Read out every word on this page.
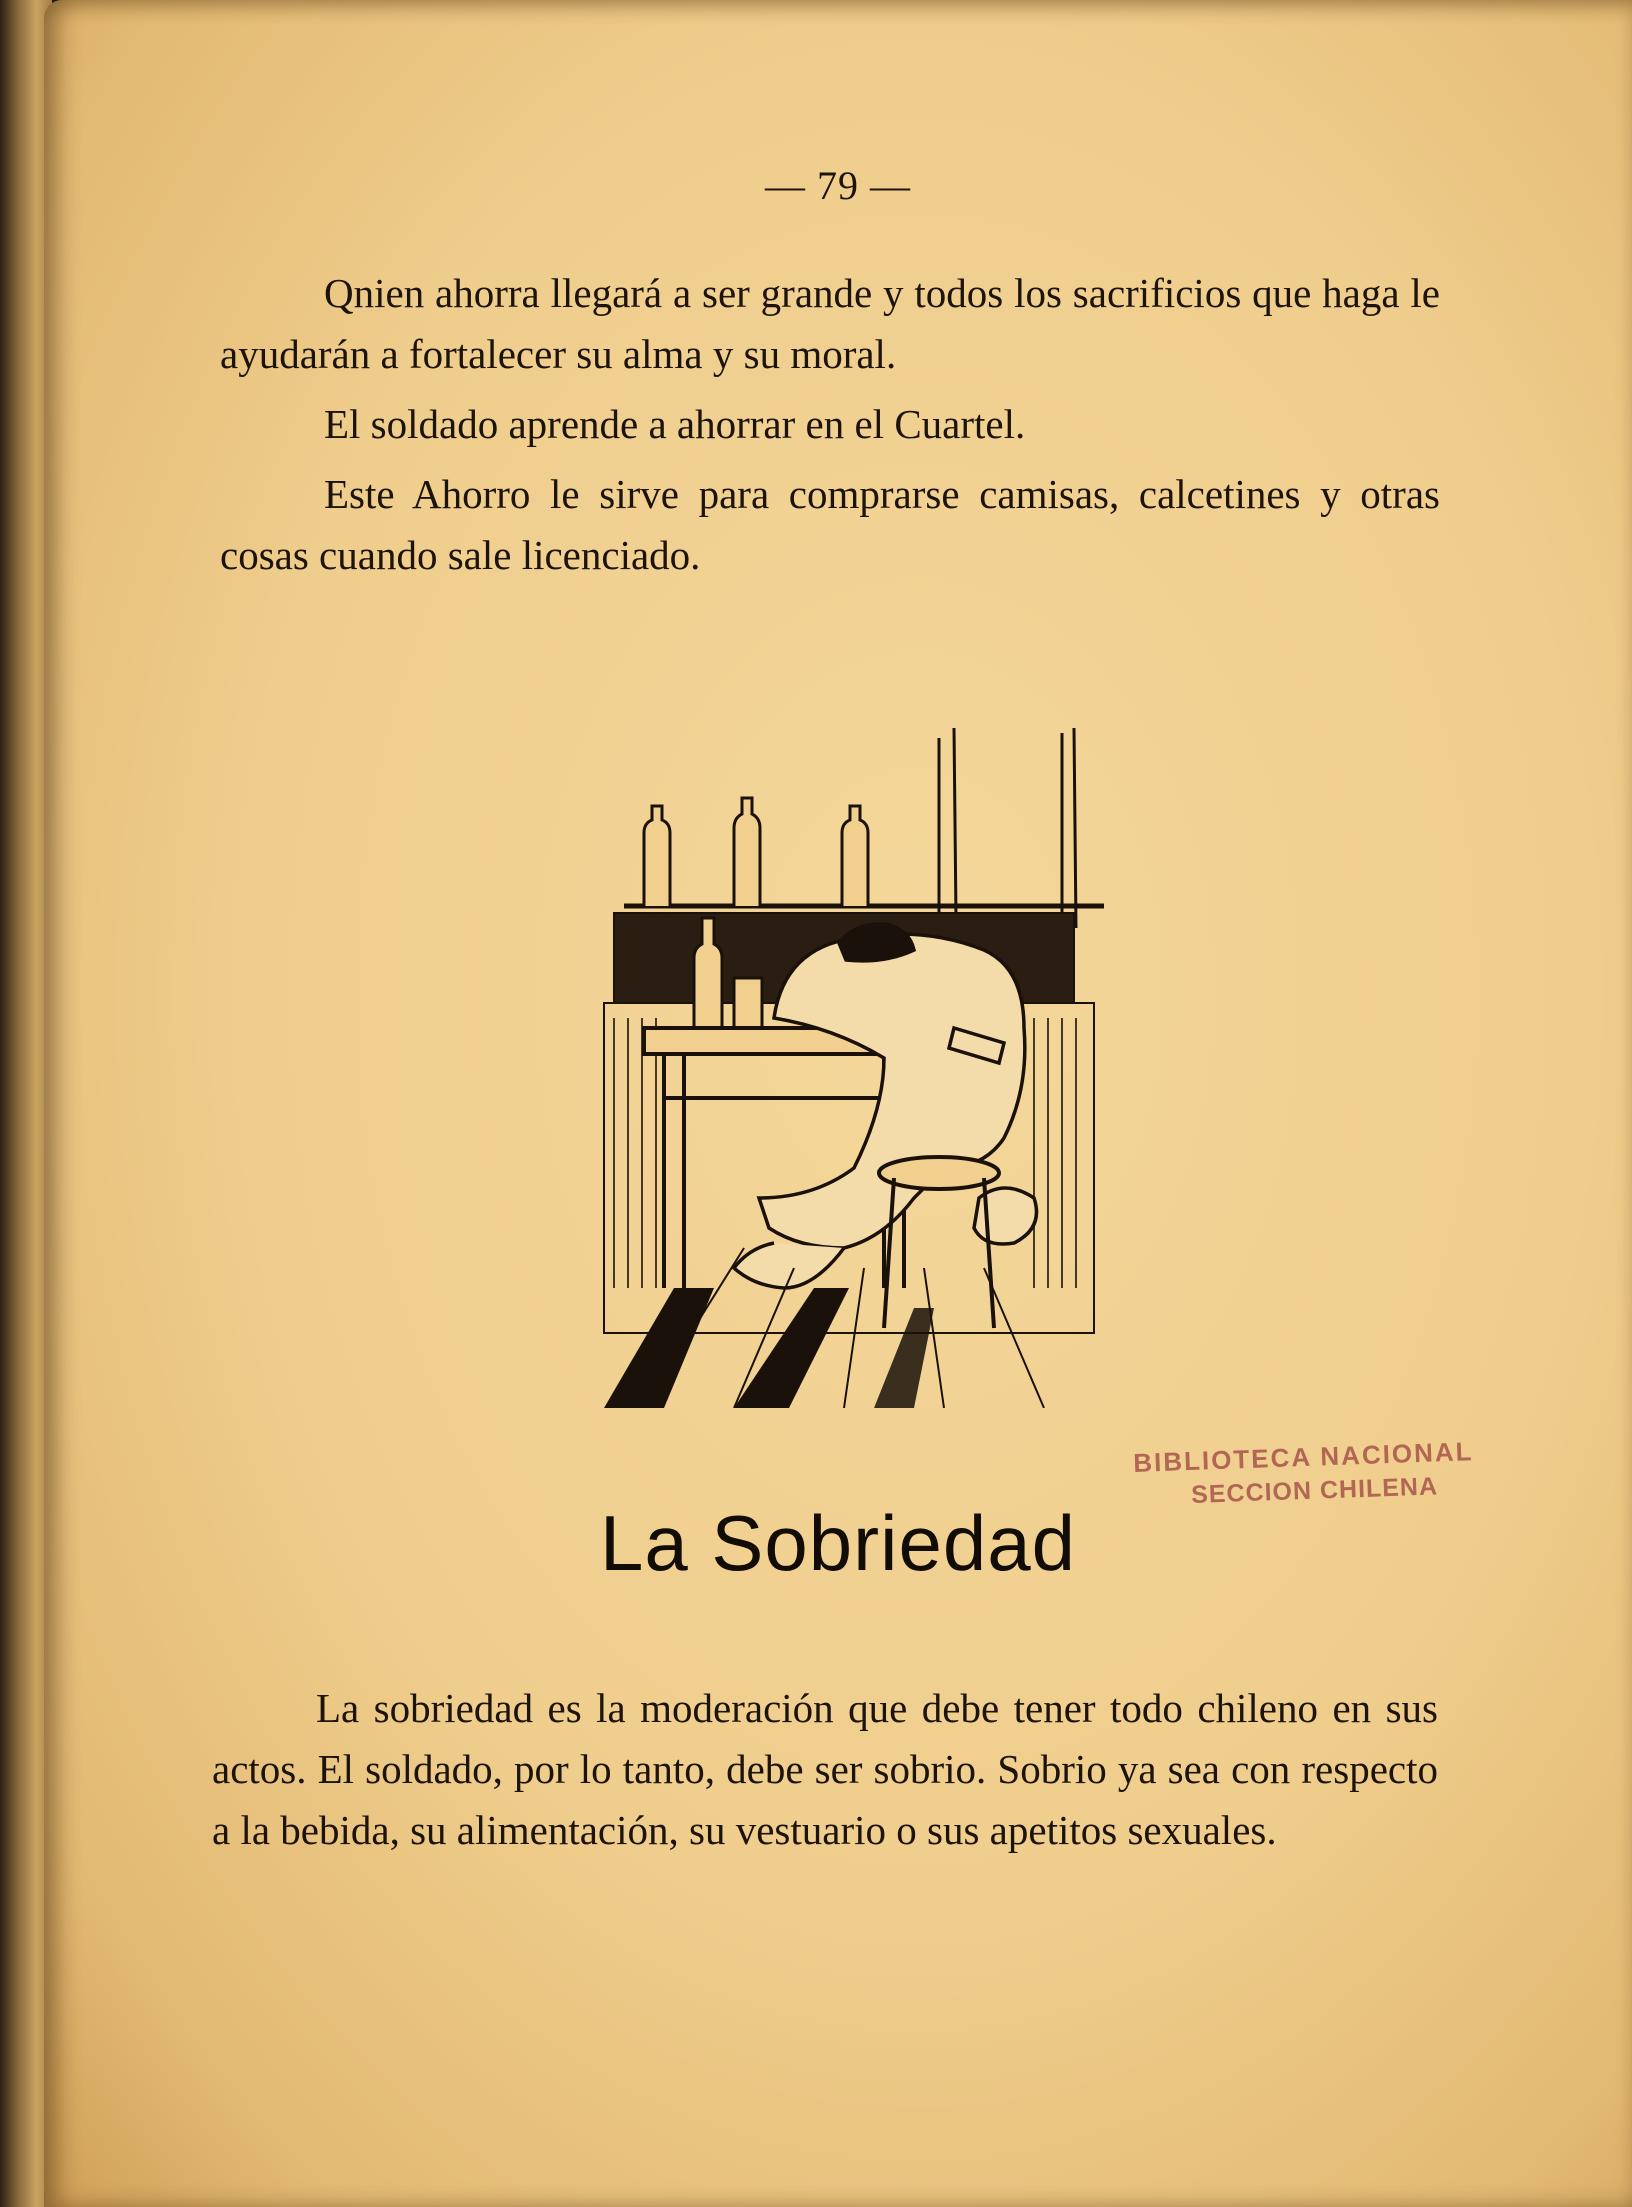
— 79 —

Qnien ahorra llegará a ser grande y todos los sacrificios que haga le ayudarán a fortalecer su alma y su moral.

El soldado aprende a ahorrar en el Cuartel.

Este Ahorro le sirve para comprarse camisas, calcetines y otras cosas cuando sale licenciado.

BIBLIOTECA NACIONAL
SECCION CHILENA
La Sobriedad

La sobriedad es la moderación que debe tener todo chileno en sus actos. El soldado, por lo tanto, debe ser sobrio. Sobrio ya sea con respecto a la bebida, su alimentación, su vestuario o sus apetitos sexuales.
